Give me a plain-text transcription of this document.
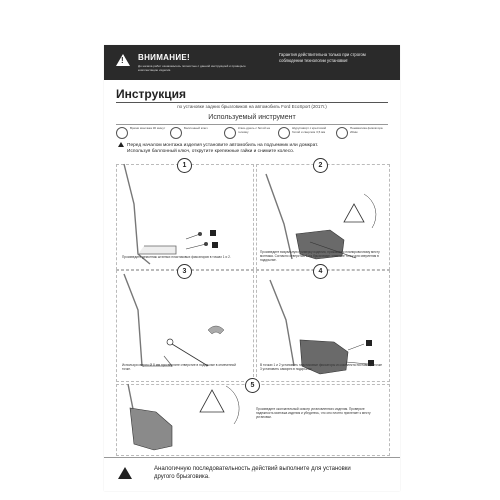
! ВНИМАНИЕ!
До начала работ ознакомьтесь полностью с данной инструкцией и проверьте комплектацию изделия.
Гарантия действительна только при строгом соблюдении технологии установки!
Инструкция
по установке задних брызговиков на автомобиль Ford EcoSport (2017г.)
Используемый инструмент
Время монтажа 30 минут	Баллонный ключ	Ключ-дрель с битой на головку
Шуруповёрт с крестовой битой и сверлом 3,5 мм
Пневматика фиксатора 20мм
Перед началом монтажа изделия установите автомобиль на подъемник или домкрат.
Используя баллонный ключ, открутите крепежные гайки и снимите колесо.
1	2
3	4
5
Произведите демонтаж штатных пластиковых фиксаторов в точках 1 и 2.
Произведите визуальную примерку изделия, прижимая к планировочному месту монтажа. Согласно отверстию 1 на брызговике, отметьте точку для сверления в подкрылке.
Используя сверло Ø 8 мм просверлите отверстие в подкрылке в отмеченной точке.
В точках 1 и 2 установить пластиковые фиксаторы из комплекта поставки, в точке 3 установить саморез в подкрылок.
Произведите окончательный осмотр установленного изделия. Проверьте надежность монтажа изделия и убедитесь, что оно плотно прилегает к месту установки.
Аналогичную последовательность действий выполните для установки другого брызговика.
